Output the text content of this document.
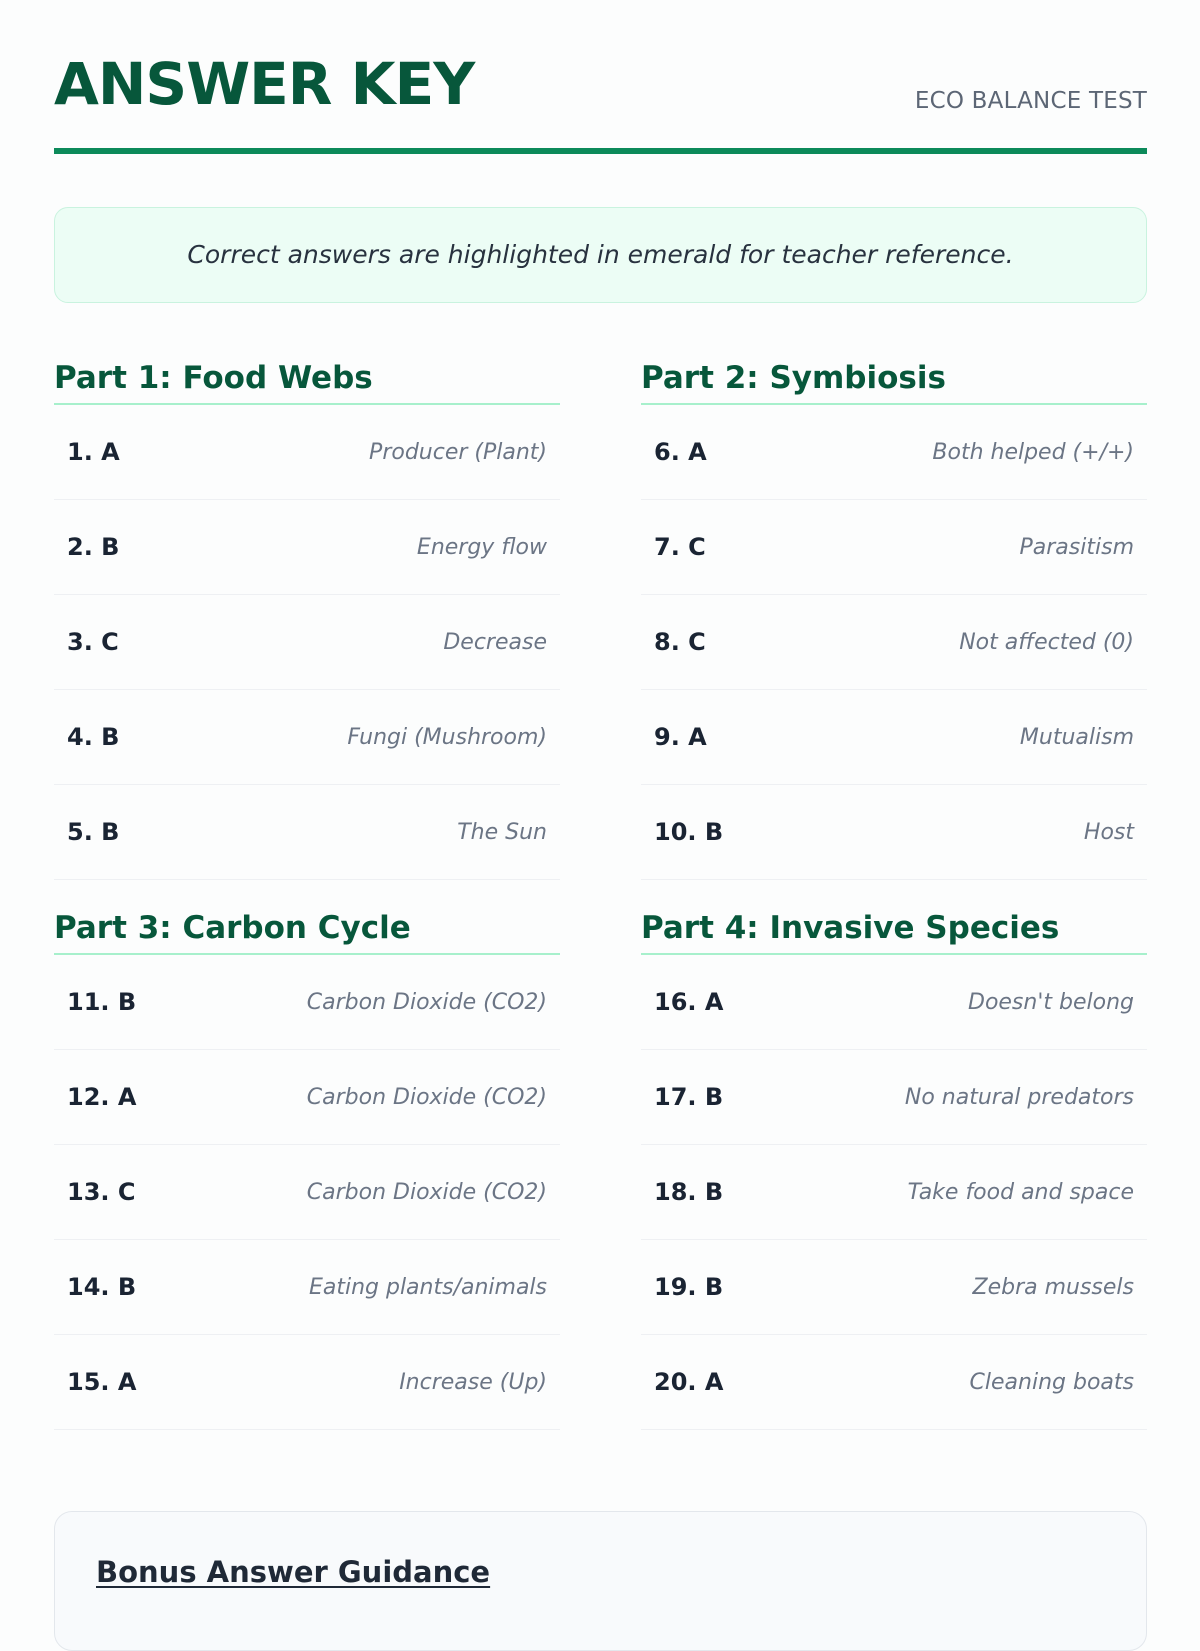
ANSWER KEY	ECO BALANCE TEST
Correct answers are highlighted in emerald for teacher reference.
Part 1: Food Webs
1. A	Producer (Plant)
2. B	Energy flow
3. C	Decrease
4. B	Fungi (Mushroom)
5. B	The Sun
Part 2: Symbiosis
6. A	Both helped (+/+)
7. C	Parasitism
8. C	Not affected (0)
9. A	Mutualism
10. B	Host
Part 3: Carbon Cycle
11. B	Carbon Dioxide (CO2)
12. A	Carbon Dioxide (CO2)
13. C	Carbon Dioxide (CO2)
14. B	Eating plants/animals
15. A	Increase (Up)
Part 4: Invasive Species
16. A	Doesn't belong
17. B	No natural predators
18. B	Take food and space
19. B	Zebra mussels
20. A	Cleaning boats
Bonus Answer Guidance
